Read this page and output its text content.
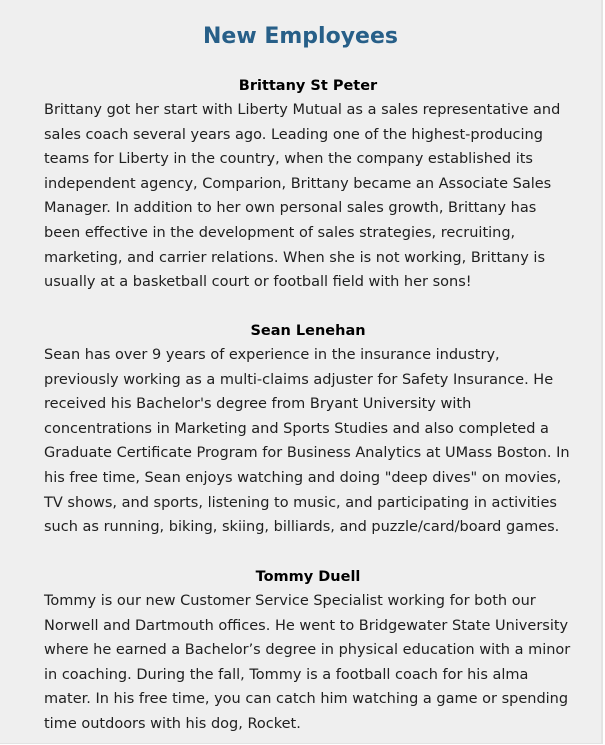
New Employees
Brittany St Peter

Brittany got her start with Liberty Mutual as a sales representative and sales coach several years ago. Leading one of the highest-producing teams for Liberty in the country, when the company established its independent agency, Comparion, Brittany became an Associate Sales Manager. In addition to her own personal sales growth, Brittany has been effective in the development of sales strategies, recruiting, marketing, and carrier relations. When she is not working, Brittany is usually at a basketball court or football field with her sons!

Sean Lenehan

Sean has over 9 years of experience in the insurance industry, previously working as a multi-claims adjuster for Safety Insurance. He received his Bachelor's degree from Bryant University with concentrations in Marketing and Sports Studies and also completed a Graduate Certificate Program for Business Analytics at UMass Boston. In his free time, Sean enjoys watching and doing "deep dives" on movies, TV shows, and sports, listening to music, and participating in activities such as running, biking, skiing, billiards, and puzzle/card/board games.

Tommy Duell

Tommy is our new Customer Service Specialist working for both our Norwell and Dartmouth offices. He went to Bridgewater State University where he earned a Bachelor’s degree in physical education with a minor in coaching. During the fall, Tommy is a football coach for his alma mater. In his free time, you can catch him watching a game or spending time outdoors with his dog, Rocket.
